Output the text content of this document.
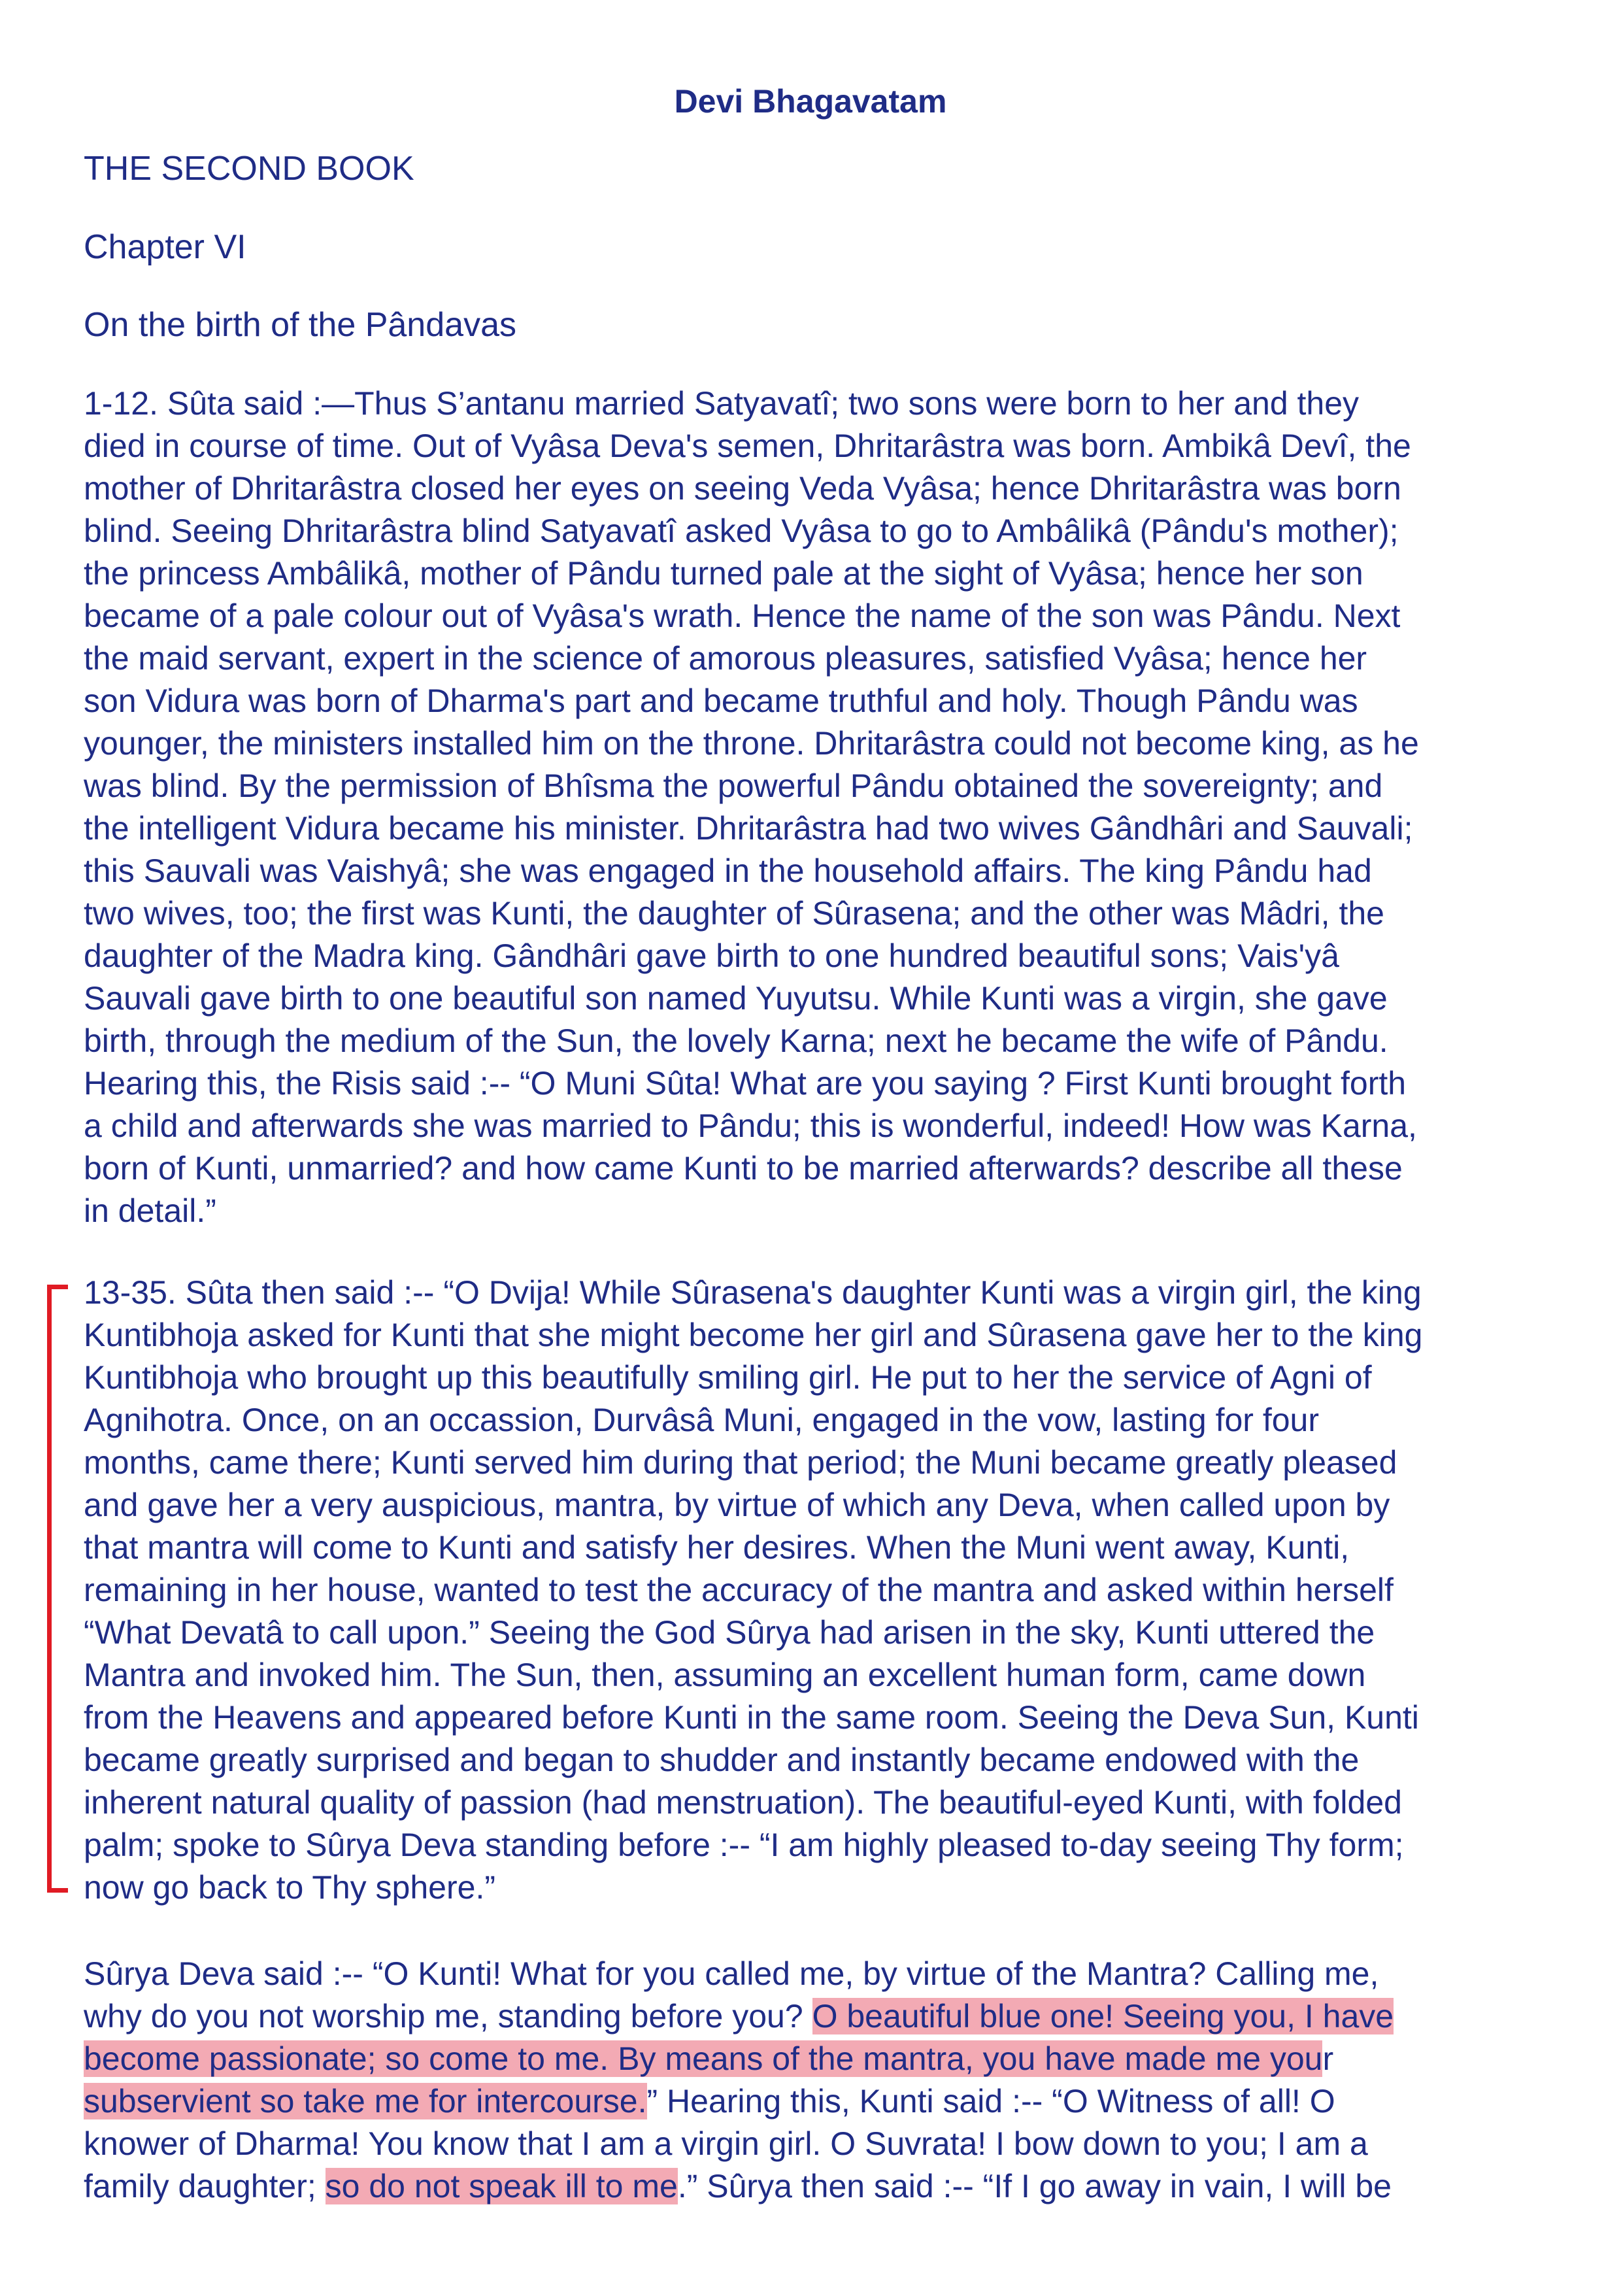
Devi Bhagavatam
THE SECOND BOOK
Chapter VI
On the birth of the Pândavas
1-12. Sûta said :—Thus S’antanu married Satyavatî; two sons were born to her and they
died in course of time. Out of Vyâsa Deva's semen, Dhritarâstra was born. Ambikâ Devî, the
mother of Dhritarâstra closed her eyes on seeing Veda Vyâsa; hence Dhritarâstra was born
blind. Seeing Dhritarâstra blind Satyavatî asked Vyâsa to go to Ambâlikâ (Pându's mother);
the princess Ambâlikâ, mother of Pându turned pale at the sight of Vyâsa; hence her son
became of a pale colour out of Vyâsa's wrath. Hence the name of the son was Pându. Next
the maid servant, expert in the science of amorous pleasures, satisfied Vyâsa; hence her
son Vidura was born of Dharma's part and became truthful and holy. Though Pându was
younger, the ministers installed him on the throne. Dhritarâstra could not become king, as he
was blind. By the permission of Bhîsma the powerful Pându obtained the sovereignty; and
the intelligent Vidura became his minister. Dhritarâstra had two wives Gândhâri and Sauvali;
this Sauvali was Vaishyâ; she was engaged in the household affairs. The king Pându had
two wives, too; the first was Kunti, the daughter of Sûrasena; and the other was Mâdri, the
daughter of the Madra king. Gândhâri gave birth to one hundred beautiful sons; Vais'yâ
Sauvali gave birth to one beautiful son named Yuyutsu. While Kunti was a virgin, she gave
birth, through the medium of the Sun, the lovely Karna; next he became the wife of Pându.
Hearing this, the Risis said :-- “O Muni Sûta! What are you saying ? First Kunti brought forth
a child and afterwards she was married to Pându; this is wonderful, indeed! How was Karna,
born of Kunti, unmarried? and how came Kunti to be married afterwards? describe all these
in detail.”
13-35. Sûta then said :-- “O Dvija! While Sûrasena's daughter Kunti was a virgin girl, the king
Kuntibhoja asked for Kunti that she might become her girl and Sûrasena gave her to the king
Kuntibhoja who brought up this beautifully smiling girl. He put to her the service of Agni of
Agnihotra. Once, on an occassion, Durvâsâ Muni, engaged in the vow, lasting for four
months, came there; Kunti served him during that period; the Muni became greatly pleased
and gave her a very auspicious, mantra, by virtue of which any Deva, when called upon by
that mantra will come to Kunti and satisfy her desires. When the Muni went away, Kunti,
remaining in her house, wanted to test the accuracy of the mantra and asked within herself
“What Devatâ to call upon.” Seeing the God Sûrya had arisen in the sky, Kunti uttered the
Mantra and invoked him. The Sun, then, assuming an excellent human form, came down
from the Heavens and appeared before Kunti in the same room. Seeing the Deva Sun, Kunti
became greatly surprised and began to shudder and instantly became endowed with the
inherent natural quality of passion (had menstruation). The beautiful-eyed Kunti, with folded
palm; spoke to Sûrya Deva standing before :-- “I am highly pleased to-day seeing Thy form;
now go back to Thy sphere.”
Sûrya Deva said :-- “O Kunti! What for you called me, by virtue of the Mantra? Calling me,
why do you not worship me, standing before you? O beautiful blue one! Seeing you, I have
become passionate; so come to me. By means of the mantra, you have made me your
subservient so take me for intercourse.” Hearing this, Kunti said :-- “O Witness of all! O
knower of Dharma! You know that I am a virgin girl. O Suvrata! I bow down to you; I am a
family daughter; so do not speak ill to me.” Sûrya then said :-- “If I go away in vain, I will be
